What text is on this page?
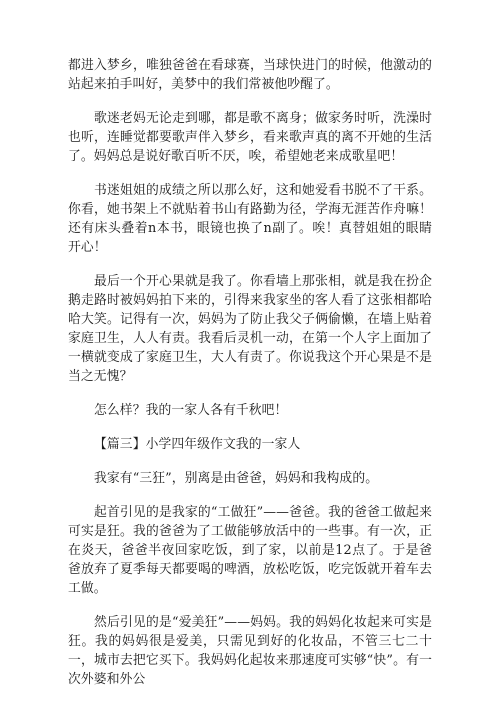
都进入梦乡，唯独爸爸在看球赛，当球快进门的时候，他激动的站起来拍手叫好，美梦中的我们常被他吵醒了。

歌迷老妈无论走到哪，都是歌不离身；做家务时听，洗澡时也听，连睡觉都要歌声伴入梦乡，看来歌声真的离不开她的生活了。妈妈总是说好歌百听不厌，唉，希望她老来成歌星吧！

书迷姐姐的成绩之所以那么好，这和她爱看书脱不了干系。你看，她书架上不就贴着书山有路勤为径，学海无涯苦作舟嘛！还有床头叠着n本书，眼镜也换了n副了。唉！真替姐姐的眼睛开心！

最后一个开心果就是我了。你看墙上那张相，就是我在扮企鹅走路时被妈妈拍下来的，引得来我家坐的客人看了这张相都哈哈大笑。记得有一次，妈妈为了防止我父子俩偷懒，在墙上贴着家庭卫生，人人有责。我看后灵机一动，在第一个人字上面加了一横就变成了家庭卫生，大人有责了。你说我这个开心果是不是当之无愧？

怎么样？我的一家人各有千秋吧！

【篇三】小学四年级作文我的一家人

我家有“三狂”，别离是由爸爸，妈妈和我构成的。

起首引见的是我家的“工做狂”——爸爸。我的爸爸工做起来可实是狂。我的爸爸为了工做能够放活中的一些事。有一次，正在炎天，爸爸半夜回家吃饭，到了家，以前是12点了。于是爸爸放弃了夏季每天都要喝的啤酒，放松吃饭，吃完饭就开着车去工做。

然后引见的是“爱美狂”——妈妈。我的妈妈化妆起来可实是狂。我的妈妈很是爱美，只需见到好的化妆品，不管三七二十一，城市去把它买下。我妈妈化起妆来那速度可实够“快”。有一次外婆和外公
